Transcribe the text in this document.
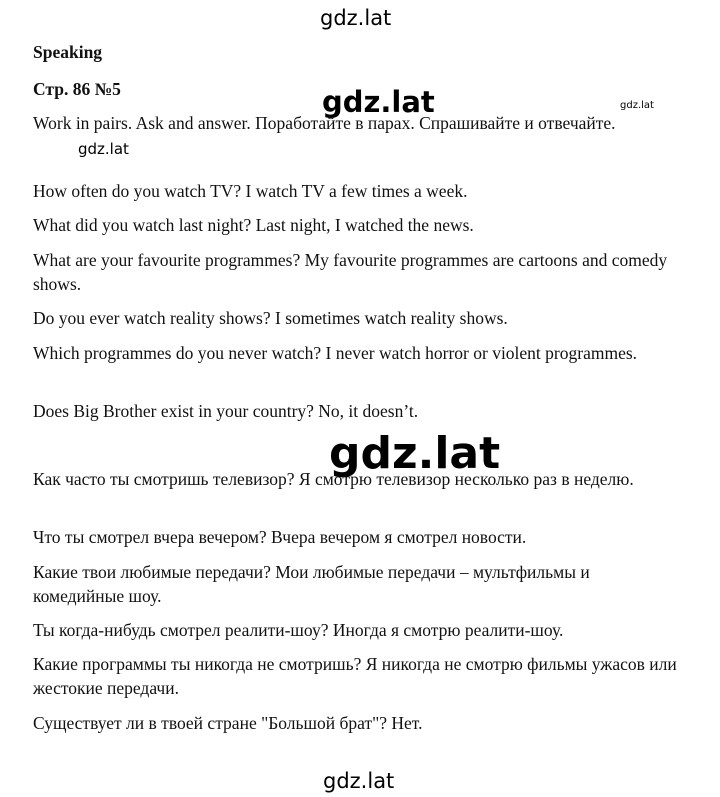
gdz.lat
Speaking
Стр. 86 №5	gdz.lat	gdz.lat
Work in pairs. Ask and answer. Поработайте в парах. Спрашивайте и отвечайте.
gdz.lat
How often do you watch TV? I watch TV a few times a week.
What did you watch last night? Last night, I watched the news.
What are your favourite programmes? My favourite programmes are cartoons and comedy shows.
Do you ever watch reality shows? I sometimes watch reality shows.
Which programmes do you never watch? I never watch horror or violent programmes.
Does Big Brother exist in your country? No, it doesn’t.
gdz.lat
Как часто ты смотришь телевизор? Я смотрю телевизор несколько раз в неделю.
Что ты смотрел вчера вечером? Вчера вечером я смотрел новости.
Какие твои любимые передачи? Мои любимые передачи – мультфильмы и комедийные шоу.
Ты когда-нибудь смотрел реалити-шоу? Иногда я смотрю реалити-шоу.
Какие программы ты никогда не смотришь? Я никогда не смотрю фильмы ужасов или жестокие передачи.
Существует ли в твоей стране "Большой брат"? Нет.
gdz.lat
